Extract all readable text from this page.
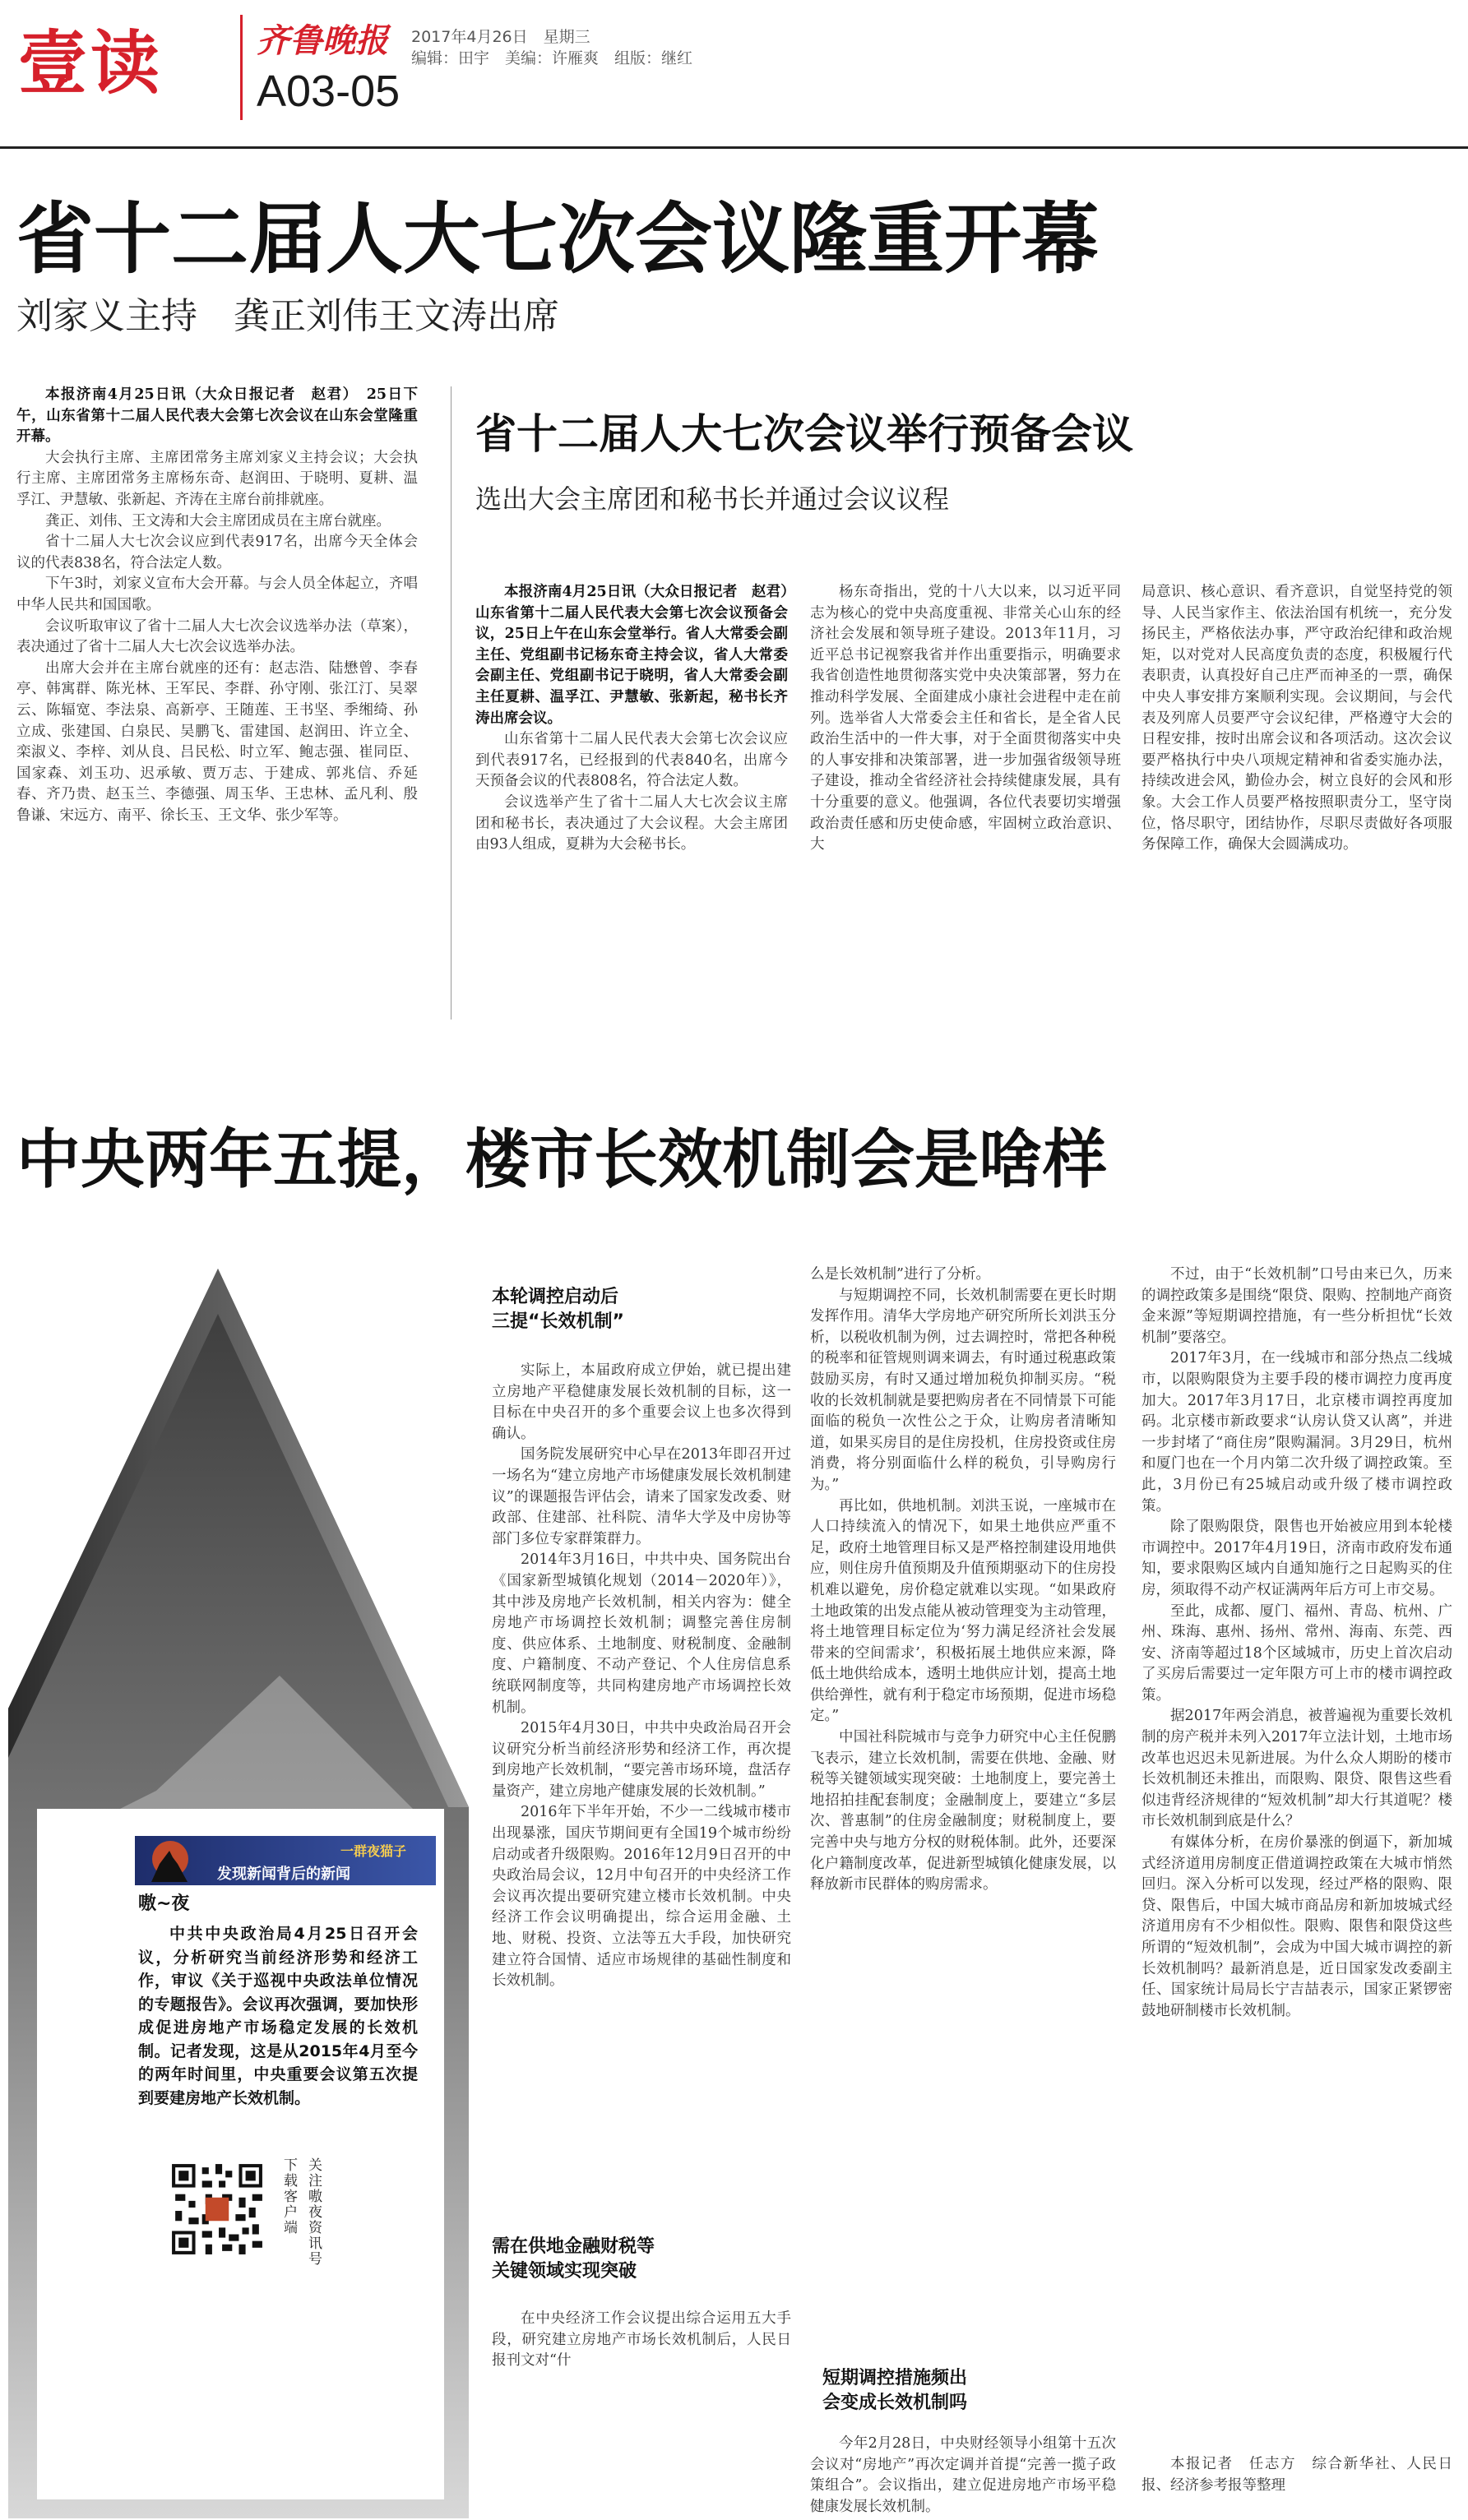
壹读	齐鲁晚报
A03-05
2017年4月26日　星期三
编辑：田宇　美编：许雁爽　组版：继红
省十二届人大七次会议隆重开幕
刘家义主持　龚正刘伟王文涛出席

本报济南4月25日讯（大众日报记者　赵君）　25日下午，山东省第十二届人民代表大会第七次会议在山东会堂隆重开幕。

大会执行主席、主席团常务主席刘家义主持会议；大会执行主席、主席团常务主席杨东奇、赵润田、于晓明、夏耕、温孚江、尹慧敏、张新起、齐涛在主席台前排就座。

龚正、刘伟、王文涛和大会主席团成员在主席台就座。

省十二届人大七次会议应到代表917名，出席今天全体会议的代表838名，符合法定人数。

下午3时，刘家义宣布大会开幕。与会人员全体起立，齐唱中华人民共和国国歌。

会议听取审议了省十二届人大七次会议选举办法（草案），表决通过了省十二届人大七次会议选举办法。

出席大会并在主席台就座的还有：赵志浩、陆懋曾、李春亭、韩寓群、陈光林、王军民、李群、孙守刚、张江汀、吴翠云、陈辐宽、李法泉、高新亭、王随莲、王书坚、季缃绮、孙立成、张建国、白泉民、吴鹏飞、雷建国、赵润田、许立全、栾淑义、李梓、刘从良、吕民松、时立军、鲍志强、崔同臣、国家森、刘玉功、迟承敏、贾万志、于建成、郭兆信、乔延春、齐乃贵、赵玉兰、李德强、周玉华、王忠林、孟凡利、殷鲁谦、宋远方、南平、徐长玉、王文华、张少军等。

省十二届人大七次会议举行预备会议
选出大会主席团和秘书长并通过会议议程

本报济南4月25日讯（大众日报记者　赵君）　山东省第十二届人民代表大会第七次会议预备会议，25日上午在山东会堂举行。省人大常委会副主任、党组副书记杨东奇主持会议，省人大常委会副主任、党组副书记于晓明，省人大常委会副主任夏耕、温孚江、尹慧敏、张新起，秘书长齐涛出席会议。

山东省第十二届人民代表大会第七次会议应到代表917名，已经报到的代表840名，出席今天预备会议的代表808名，符合法定人数。

会议选举产生了省十二届人大七次会议主席团和秘书长，表决通过了大会议程。大会主席团由93人组成，夏耕为大会秘书长。

杨东奇指出，党的十八大以来，以习近平同志为核心的党中央高度重视、非常关心山东的经济社会发展和领导班子建设。2013年11月，习近平总书记视察我省并作出重要指示，明确要求我省创造性地贯彻落实党中央决策部署，努力在推动科学发展、全面建成小康社会进程中走在前列。选举省人大常委会主任和省长，是全省人民政治生活中的一件大事，对于全面贯彻落实中央的人事安排和决策部署，进一步加强省级领导班子建设，推动全省经济社会持续健康发展，具有十分重要的意义。他强调，各位代表要切实增强政治责任感和历史使命感，牢固树立政治意识、大

局意识、核心意识、看齐意识，自觉坚持党的领导、人民当家作主、依法治国有机统一，充分发扬民主，严格依法办事，严守政治纪律和政治规矩，以对党对人民高度负责的态度，积极履行代表职责，认真投好自己庄严而神圣的一票，确保中央人事安排方案顺利实现。会议期间，与会代表及列席人员要严守会议纪律，严格遵守大会的日程安排，按时出席会议和各项活动。这次会议要严格执行中央八项规定精神和省委实施办法，持续改进会风，勤俭办会，树立良好的会风和形象。大会工作人员要严格按照职责分工，坚守岗位，恪尽职守，团结协作，尽职尽责做好各项服务保障工作，确保大会圆满成功。

中央两年五提，楼市长效机制会是啥样
一群夜猫子
发现新闻背后的新闻
嗷~夜
中共中央政治局4月25日召开会议，分析研究当前经济形势和经济工作，审议《关于巡视中央政法单位情况的专题报告》。会议再次强调，要加快形成促进房地产市场稳定发展的长效机制。记者发现，这是从2015年4月至今的两年时间里，中央重要会议第五次提到要建房地产长效机制。
下载客户端
关注嗷夜资讯号
本轮调控启动后
三提“长效机制”

实际上，本届政府成立伊始，就已提出建立房地产平稳健康发展长效机制的目标，这一目标在中央召开的多个重要会议上也多次得到确认。

国务院发展研究中心早在2013年即召开过一场名为“建立房地产市场健康发展长效机制建议”的课题报告评估会，请来了国家发改委、财政部、住建部、社科院、清华大学及中房协等部门多位专家群策群力。

2014年3月16日，中共中央、国务院出台《国家新型城镇化规划（2014－2020年）》，其中涉及房地产长效机制，相关内容为：健全房地产市场调控长效机制；调整完善住房制度、供应体系、土地制度、财税制度、金融制度、户籍制度、不动产登记、个人住房信息系统联网制度等，共同构建房地产市场调控长效机制。

2015年4月30日，中共中央政治局召开会议研究分析当前经济形势和经济工作，再次提到房地产长效机制，“要完善市场环境，盘活存量资产，建立房地产健康发展的长效机制。”

2016年下半年开始，不少一二线城市楼市出现暴涨，国庆节期间更有全国19个城市纷纷启动或者升级限购。2016年12月9日召开的中央政治局会议，12月中旬召开的中央经济工作会议再次提出要研究建立楼市长效机制。中央经济工作会议明确提出，综合运用金融、土地、财税、投资、立法等五大手段，加快研究建立符合国情、适应市场规律的基础性制度和长效机制。

需在供地金融财税等
关键领域实现突破

在中央经济工作会议提出综合运用五大手段，研究建立房地产市场长效机制后，人民日报刊文对“什

么是长效机制”进行了分析。

与短期调控不同，长效机制需要在更长时期发挥作用。清华大学房地产研究所所长刘洪玉分析，以税收机制为例，过去调控时，常把各种税的税率和征管规则调来调去，有时通过税惠政策鼓励买房，有时又通过增加税负抑制买房。“税收的长效机制就是要把购房者在不同情景下可能面临的税负一次性公之于众，让购房者清晰知道，如果买房目的是住房投机，住房投资或住房消费，将分别面临什么样的税负，引导购房行为。”

再比如，供地机制。刘洪玉说，一座城市在人口持续流入的情况下，如果土地供应严重不足，政府土地管理目标又是严格控制建设用地供应，则住房升值预期及升值预期驱动下的住房投机难以避免，房价稳定就难以实现。“如果政府土地政策的出发点能从被动管理变为主动管理，将土地管理目标定位为‘努力满足经济社会发展带来的空间需求’，积极拓展土地供应来源，降低土地供给成本，透明土地供应计划，提高土地供给弹性，就有利于稳定市场预期，促进市场稳定。”

中国社科院城市与竞争力研究中心主任倪鹏飞表示，建立长效机制，需要在供地、金融、财税等关键领域实现突破：土地制度上，要完善土地招拍挂配套制度；金融制度上，要建立“多层次、普惠制”的住房金融制度；财税制度上，要完善中央与地方分权的财税体制。此外，还要深化户籍制度改革，促进新型城镇化健康发展，以释放新市民群体的购房需求。

短期调控措施频出
会变成长效机制吗

今年2月28日，中央财经领导小组第十五次会议对“房地产”再次定调并首提“完善一揽子政策组合”。会议指出，建立促进房地产市场平稳健康发展长效机制。

不过，由于“长效机制”口号由来已久，历来的调控政策多是围绕“限贷、限购、控制地产商资金来源”等短期调控措施，有一些分析担忧“长效机制”要落空。

2017年3月，在一线城市和部分热点二线城市，以限购限贷为主要手段的楼市调控力度再度加大。2017年3月17日，北京楼市调控再度加码。北京楼市新政要求“认房认贷又认离”，并进一步封堵了“商住房”限购漏洞。3月29日，杭州和厦门也在一个月内第二次升级了调控政策。至此，3月份已有25城启动或升级了楼市调控政策。

除了限购限贷，限售也开始被应用到本轮楼市调控中。2017年4月19日，济南市政府发布通知，要求限购区域内自通知施行之日起购买的住房，须取得不动产权证满两年后方可上市交易。

至此，成都、厦门、福州、青岛、杭州、广州、珠海、惠州、扬州、常州、海南、东莞、西安、济南等超过18个区域城市，历史上首次启动了买房后需要过一定年限方可上市的楼市调控政策。

据2017年两会消息，被普遍视为重要长效机制的房产税并未列入2017年立法计划，土地市场改革也迟迟未见新进展。为什么众人期盼的楼市长效机制还未推出，而限购、限贷、限售这些看似违背经济规律的“短效机制”却大行其道呢？楼市长效机制到底是什么？

有媒体分析，在房价暴涨的倒逼下，新加城式经济道用房制度正借道调控政策在大城市悄然回归。深入分析可以发现，经过严格的限购、限贷、限售后，中国大城市商品房和新加坡城式经济道用房有不少相似性。限购、限售和限贷这些所谓的“短效机制”，会成为中国大城市调控的新长效机制吗？最新消息是，近日国家发改委副主任、国家统计局局长宁吉喆表示，国家正紧锣密鼓地研制楼市长效机制。

本报记者　任志方　综合新华社、人民日报、经济参考报等整理
